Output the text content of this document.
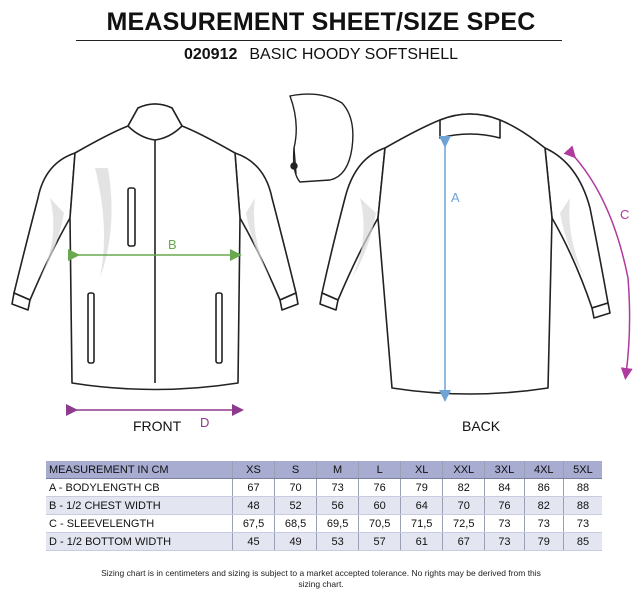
MEASUREMENT SHEET/SIZE SPEC
020912 BASIC HOODY SOFTSHELL
B
A
C
D
FRONT	BACK
MEASUREMENT IN CM	XS	S	M	L	XL	XXL	3XL	4XL	5XL
A - BODYLENGTH CB	67	70	73	76	79	82	84	86	88
B - 1/2 CHEST WIDTH	48	52	56	60	64	70	76	82	88
C - SLEEVELENGTH	67,5	68,5	69,5	70,5	71,5	72,5	73	73	73
D - 1/2 BOTTOM WIDTH	45	49	53	57	61	67	73	79	85
Sizing chart is in centimeters and sizing is subject to a market accepted tolerance. No rights may be derived from this sizing chart.
